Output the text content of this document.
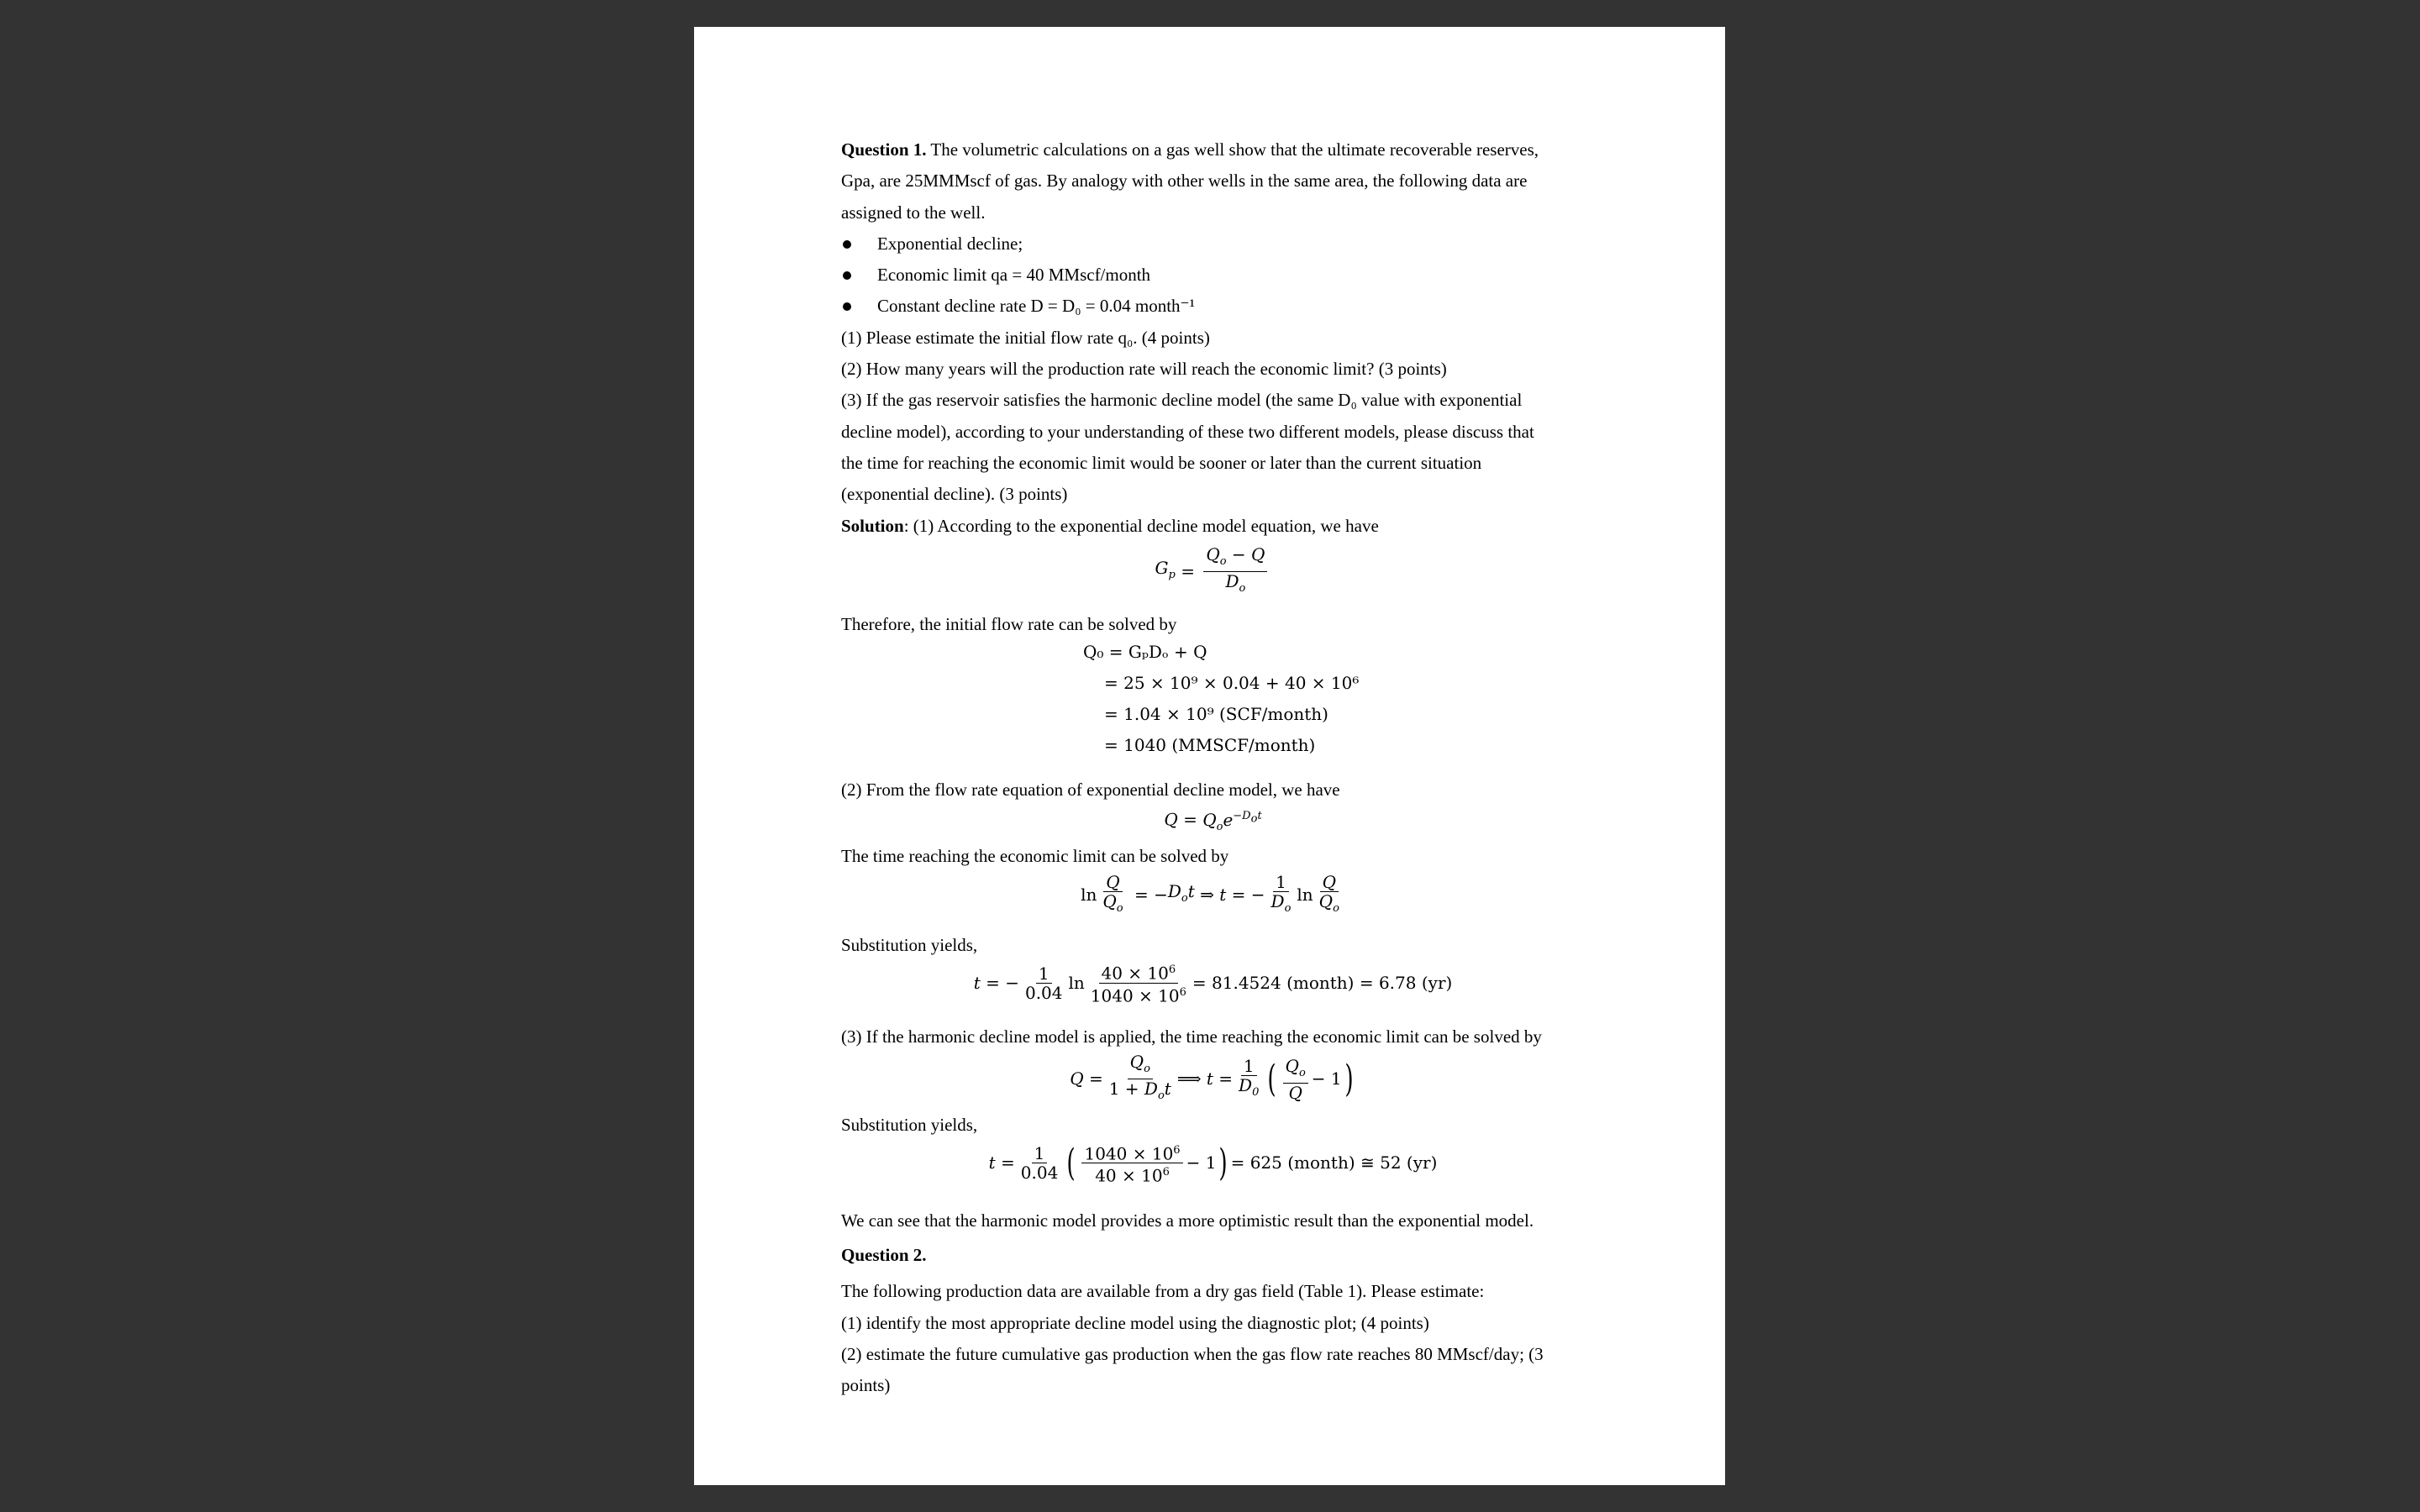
Question 1. The volumetric calculations on a gas well show that the ultimate recoverable reserves,

Gpa, are 25MMMscf of gas. By analogy with other wells in the same area, the following data are

assigned to the well.

Exponential decline;

Economic limit qa = 40 MMscf/month

Constant decline rate D = D₀ = 0.04 month⁻¹

(1) Please estimate the initial flow rate q₀. (4 points)

(2) How many years will the production rate will reach the economic limit? (3 points)

(3) If the gas reservoir satisfies the harmonic decline model (the same D₀ value with exponential

decline model), according to your understanding of these two different models, please discuss that

the time for reaching the economic limit would be sooner or later than the current situation

(exponential decline). (3 points)

Solution: (1) According to the exponential decline model equation, we have

$G_p = \frac{Q_o - Q}{D_o}$

Therefore, the initial flow rate can be solved by

Q₀ = GₚDₒ + Q
= 25 × 10⁹ × 0.04 + 40 × 10⁶
= 1.04 × 10⁹ (SCF/month)
= 1040 (MMSCF/month)

(2) From the flow rate equation of exponential decline model, we have

$Q = Q_oe^{-D_ot}$

The time reaching the economic limit can be solved by

$\ln \frac{Q}{Q_o}$ = − $D_ot$ ⇒ t = − $\frac{1}{D_o}$ $\ln \frac{Q}{Q_o}$

Substitution yields,

t = − $\frac{1}{0.04}$ $\ln \frac{40 \times 10^6}{1040 \times 10^6} = 81.4524$ (month) = 6.78 (yr)

(3) If the harmonic decline model is applied, the time reaching the economic limit can be solved by

$Q = \frac{Q_o}{1 + D_ot}$ ⟹ $t = \frac{1}{D_0}$ ( $\frac{Q_o}{Q} - 1$ )

Substitution yields,

$t = \frac{1}{0.04}$ ( $\frac{1040 \times 10^6}{40 \times 10^6} - 1$ ) = 625 (month) ≅ 52 (yr)

We can see that the harmonic model provides a more optimistic result than the exponential model.

Question 2.

The following production data are available from a dry gas field (Table 1). Please estimate:

(1) identify the most appropriate decline model using the diagnostic plot; (4 points)

(2) estimate the future cumulative gas production when the gas flow rate reaches 80 MMscf/day; (3

points)
